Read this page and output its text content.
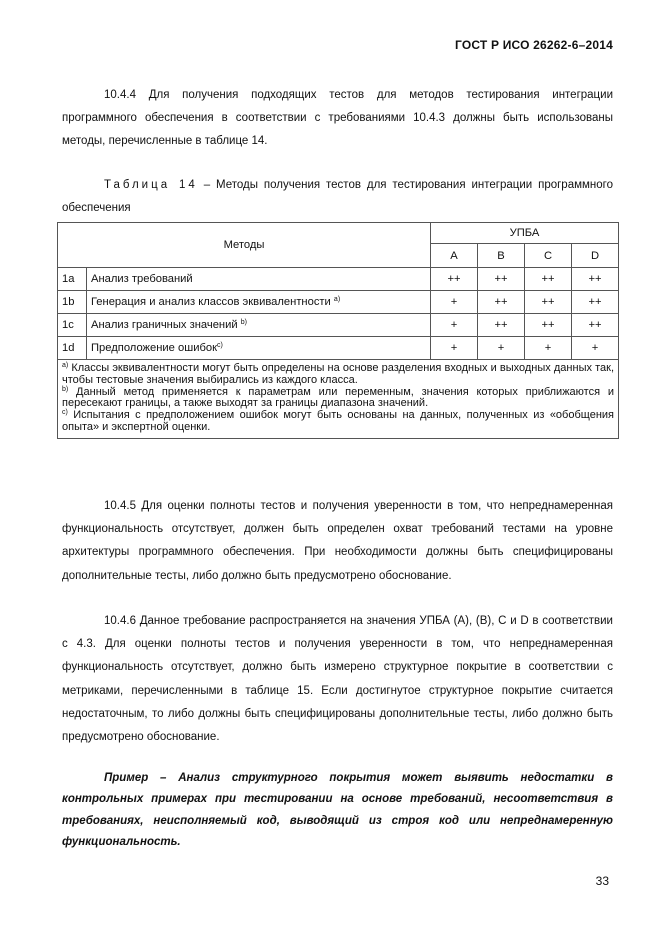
ГОСТ Р ИСО 26262-6–2014
10.4.4 Для получения подходящих тестов для методов тестирования интеграции программного обеспечения в соответствии с требованиями 10.4.3 должны быть использованы методы, перечисленные в таблице 14.
Таблица 14 – Методы получения тестов для тестирования интеграции программного обеспечения
Методы		УПБА			
		A	B	C	D
1a	Анализ требований	++	++	++	++
1b	Генерация и анализ классов эквивалентности $^{a)}$	+	++	++	++
1c	Анализ граничных значений $^{b)}$	+	++	++	++
1d	Предположение ошибок$^{c)}$	+	+	+	+

$^{a)}$ Классы эквивалентности могут быть определены на основе разделения входных и выходных данных так, чтобы тестовые значения выбирались из каждого класса.

$^{b)}$ Данный метод применяется к параметрам или переменным, значения которых приближаются и пересекают границы, а также выходят за границы диапазона значений.

$^{c)}$ Испытания с предположением ошибок могут быть основаны на данных, полученных из «обобщения опыта» и экспертной оценки.					

10.4.5 Для оценки полноты тестов и получения уверенности в том, что непреднамеренная функциональность отсутствует, должен быть определен охват требований тестами на уровне архитектуры программного обеспечения. При необходимости должны быть специфицированы дополнительные тесты, либо должно быть предусмотрено обоснование.
10.4.6 Данное требование распространяется на значения УПБА (A), (B), C и D в соответствии с 4.3. Для оценки полноты тестов и получения уверенности в том, что непреднамеренная функциональность отсутствует, должно быть измерено структурное покрытие в соответствии с метриками, перечисленными в таблице 15. Если достигнутое структурное покрытие считается недостаточным, то либо должны быть специфицированы дополнительные тесты, либо должно быть предусмотрено обоснование.
Пример – Анализ структурного покрытия может выявить недостатки в контрольных примерах при тестировании на основе требований, несоответствия в требованиях, неисполняемый код, выводящий из строя код или непреднамеренную функциональность.
33
